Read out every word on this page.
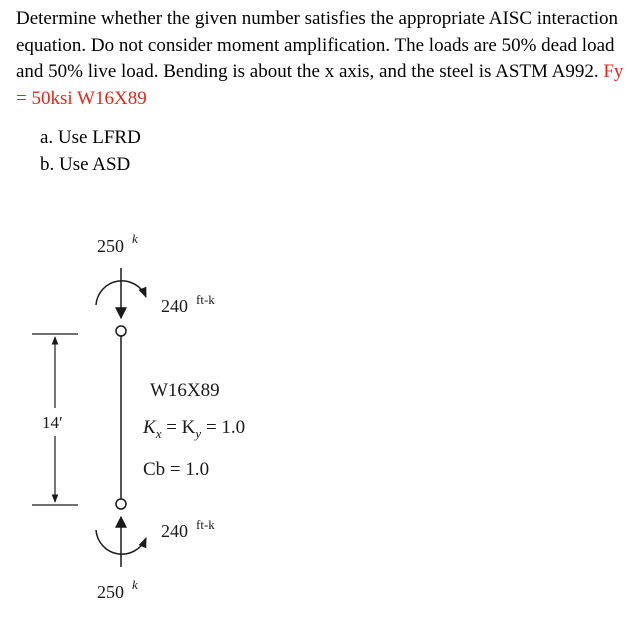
Determine whether the given number satisfies the appropriate AISC interaction equation. Do not consider moment amplification. The loads are 50% dead load and 50% live load. Bending is about the x axis, and the steel is ASTM A992. Fy = 50ksi W16X89
a. Use LFRD
b. Use ASD
250 k
240 ft-k
240 ft-k
250 k
14′
W16X89
$K_x = K_y = 1.0$
Cb = 1.0
